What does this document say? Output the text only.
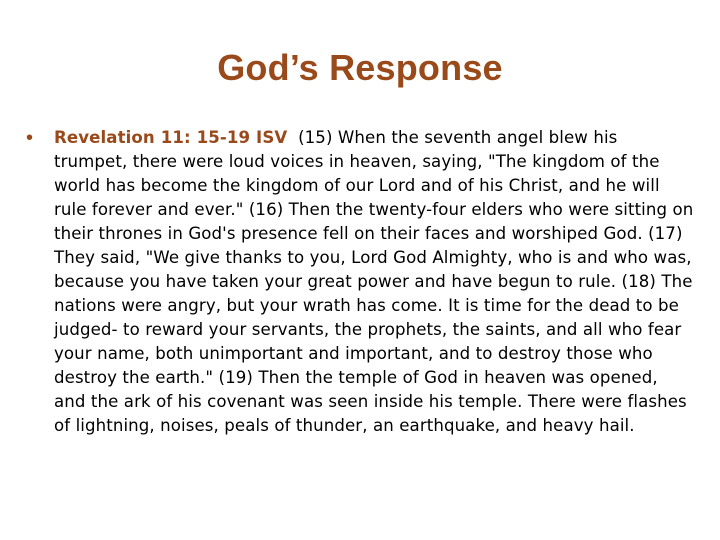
God’s Response
•	Revelation 11: 15-19 ISV (15) When the seventh angel blew his trumpet, there were loud voices in heaven, saying, "The kingdom of the world has become the kingdom of our Lord and of his Christ, and he will rule forever and ever." (16) Then the twenty-four elders who were sitting on their thrones in God's presence fell on their faces and worshiped God. (17) They said, "We give thanks to you, Lord God Almighty, who is and who was, because you have taken your great power and have begun to rule. (18) The nations were angry, but your wrath has come. It is time for the dead to be judged- to reward your servants, the prophets, the saints, and all who fear your name, both unimportant and important, and to destroy those who destroy the earth." (19) Then the temple of God in heaven was opened, and the ark of his covenant was seen inside his temple. There were flashes of lightning, noises, peals of thunder, an earthquake, and heavy hail.
